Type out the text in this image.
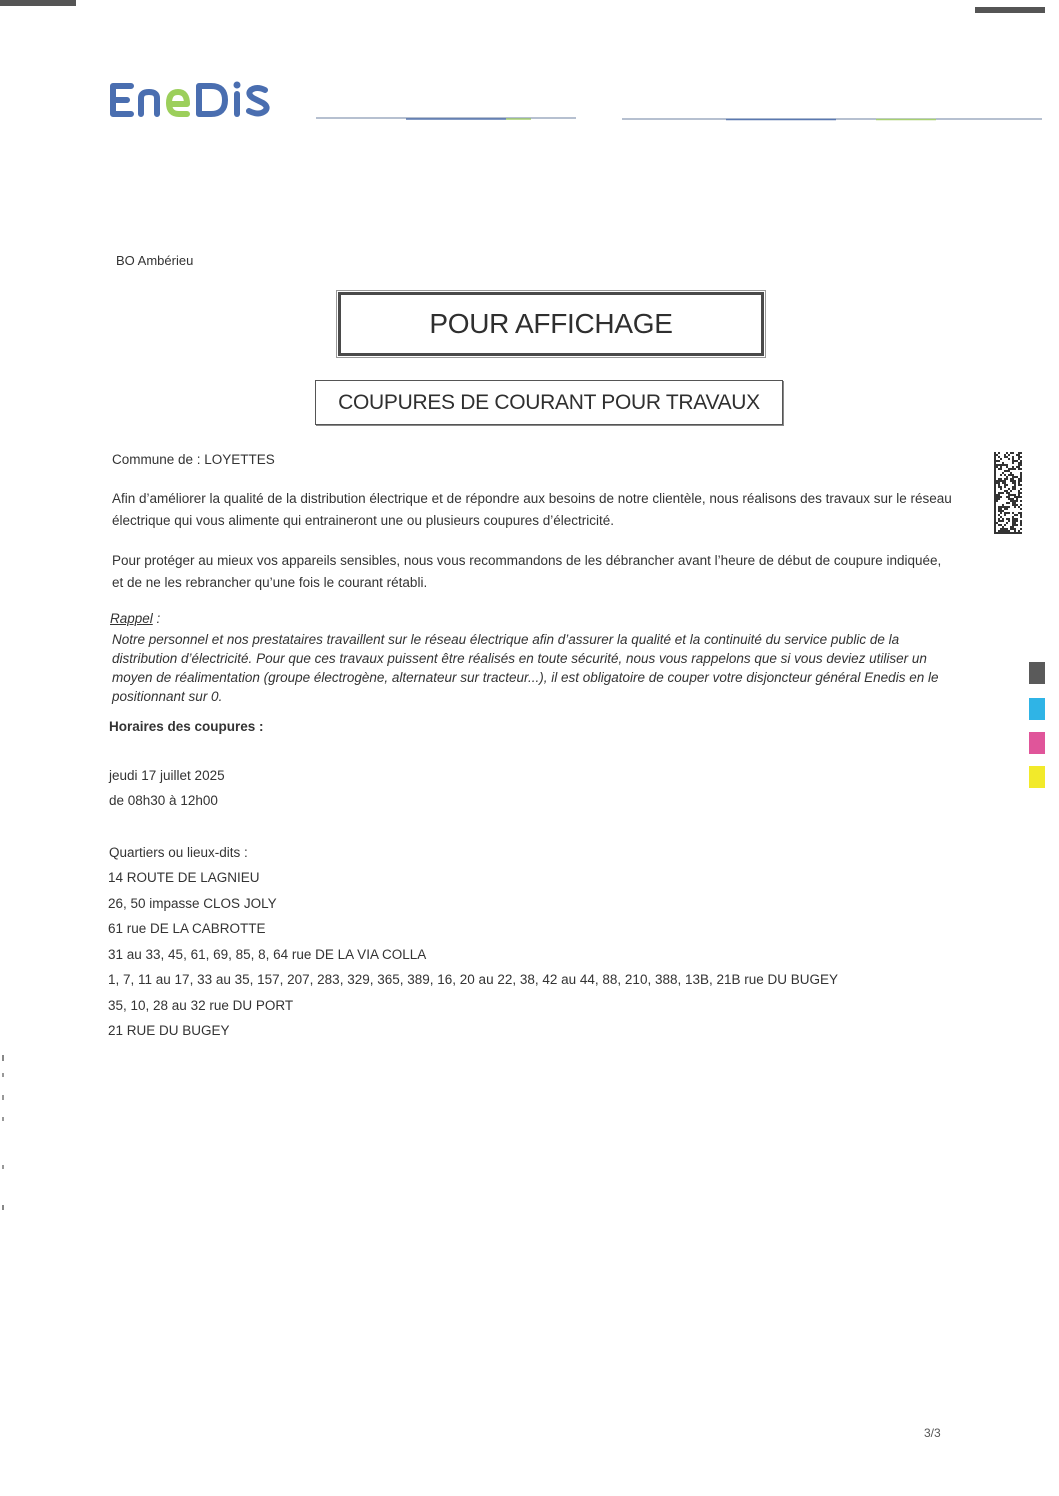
BO Ambérieu
POUR AFFICHAGE
COUPURES DE COURANT POUR TRAVAUX
Commune de : LOYETTES
Afin d’améliorer la qualité de la distribution électrique et de répondre aux besoins de notre clientèle, nous réalisons des travaux sur le réseau électrique qui vous alimente qui entraineront une ou plusieurs coupures d’électricité.
Pour protéger au mieux vos appareils sensibles, nous vous recommandons de les débrancher avant l’heure de début de coupure indiquée, et de ne les rebrancher qu’une fois le courant rétabli.
Rappel :
Notre personnel et nos prestataires travaillent sur le réseau électrique afin d’assurer la qualité et la continuité du service public de la distribution d’électricité. Pour que ces travaux puissent être réalisés en toute sécurité, nous vous rappelons que si vous deviez utiliser un moyen de réalimentation (groupe électrogène, alternateur sur tracteur...), il est obligatoire de couper votre disjoncteur général Enedis en le positionnant sur 0.
Horaires des coupures :
jeudi 17 juillet 2025
de 08h30 à 12h00
Quartiers ou lieux-dits :
14 ROUTE DE LAGNIEU
26, 50 impasse CLOS JOLY
61 rue DE LA CABROTTE
31 au 33, 45, 61, 69, 85, 8, 64 rue DE LA VIA COLLA
1, 7, 11 au 17, 33 au 35, 157, 207, 283, 329, 365, 389, 16, 20 au 22, 38, 42 au 44, 88, 210, 388, 13B, 21B rue DU BUGEY
35, 10, 28 au 32 rue DU PORT
21 RUE DU BUGEY
3/3
